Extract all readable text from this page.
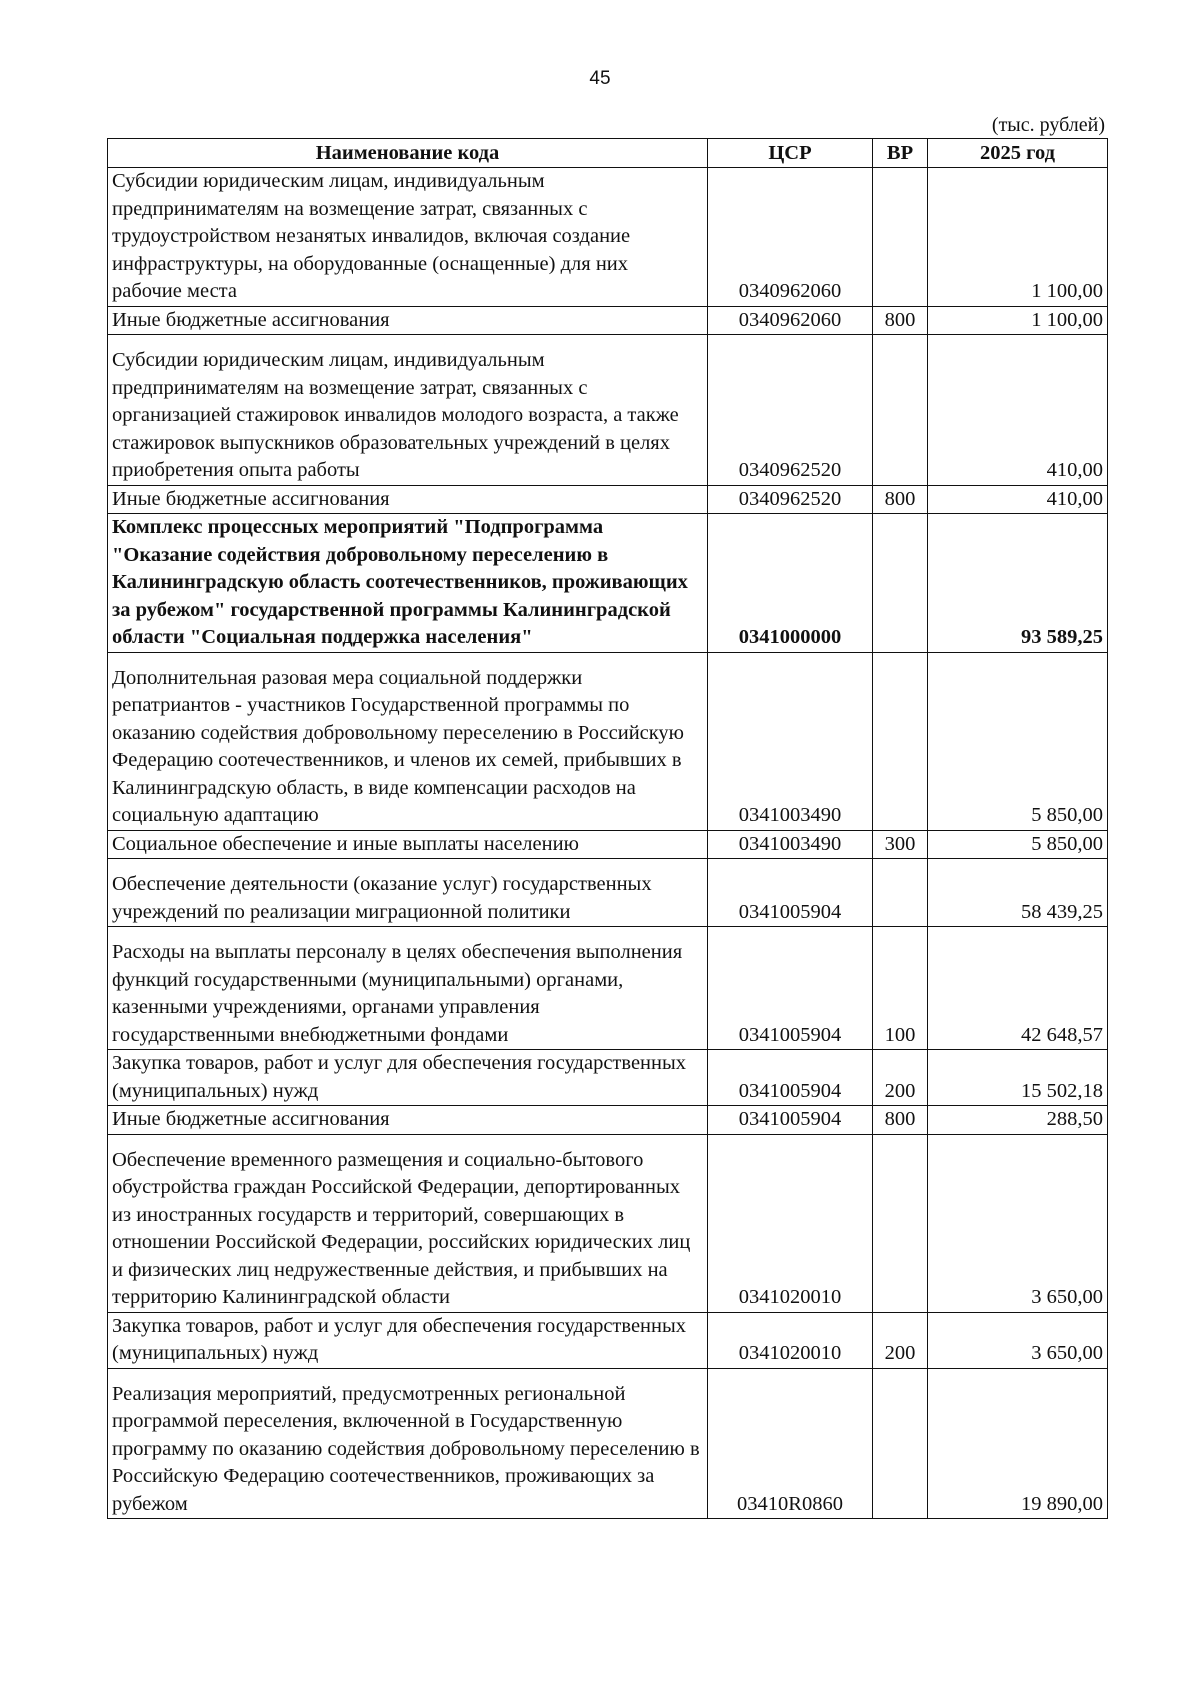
45
(тыс. рублей)
Наименование кода	ЦСР	ВР	2025 год
Субсидии юридическим лицам, индивидуальным предпринимателям на возмещение затрат, связанных с трудоустройством незанятых инвалидов, включая создание инфраструктуры, на оборудованные (оснащенные) для них рабочие места	0340962060		1 100,00
Иные бюджетные ассигнования	0340962060	800	1 100,00
Субсидии юридическим лицам, индивидуальным предпринимателям на возмещение затрат, связанных с организацией стажировок инвалидов молодого возраста, а также стажировок выпускников образовательных учреждений в целях приобретения опыта работы	0340962520		410,00
Иные бюджетные ассигнования	0340962520	800	410,00
Комплекс процессных мероприятий "Подпрограмма "Оказание содействия добровольному переселению в Калининградскую область соотечественников, проживающих за рубежом" государственной программы Калининградской области "Социальная поддержка населения"	0341000000		93 589,25
Дополнительная разовая мера социальной поддержки репатриантов - участников Государственной программы по оказанию содействия добровольному переселению в Российскую Федерацию соотечественников, и членов их семей, прибывших в Калининградскую область, в виде компенсации расходов на социальную адаптацию	0341003490		5 850,00
Социальное обеспечение и иные выплаты населению	0341003490	300	5 850,00
Обеспечение деятельности (оказание услуг) государственных учреждений по реализации миграционной политики	0341005904		58 439,25
Расходы на выплаты персоналу в целях обеспечения выполнения функций государственными (муниципальными) органами, казенными учреждениями, органами управления государственными внебюджетными фондами	0341005904	100	42 648,57
Закупка товаров, работ и услуг для обеспечения государственных (муниципальных) нужд	0341005904	200	15 502,18
Иные бюджетные ассигнования	0341005904	800	288,50
Обеспечение временного размещения и социально-бытового обустройства граждан Российской Федерации, депортированных из иностранных государств и территорий, совершающих в отношении Российской Федерации, российских юридических лиц и физических лиц недружественные действия, и прибывших на территорию Калининградской области	0341020010		3 650,00
Закупка товаров, работ и услуг для обеспечения государственных (муниципальных) нужд	0341020010	200	3 650,00
Реализация мероприятий, предусмотренных региональной программой переселения, включенной в Государственную программу по оказанию содействия добровольному переселению в Российскую Федерацию соотечественников, проживающих за рубежом	03410R0860		19 890,00
